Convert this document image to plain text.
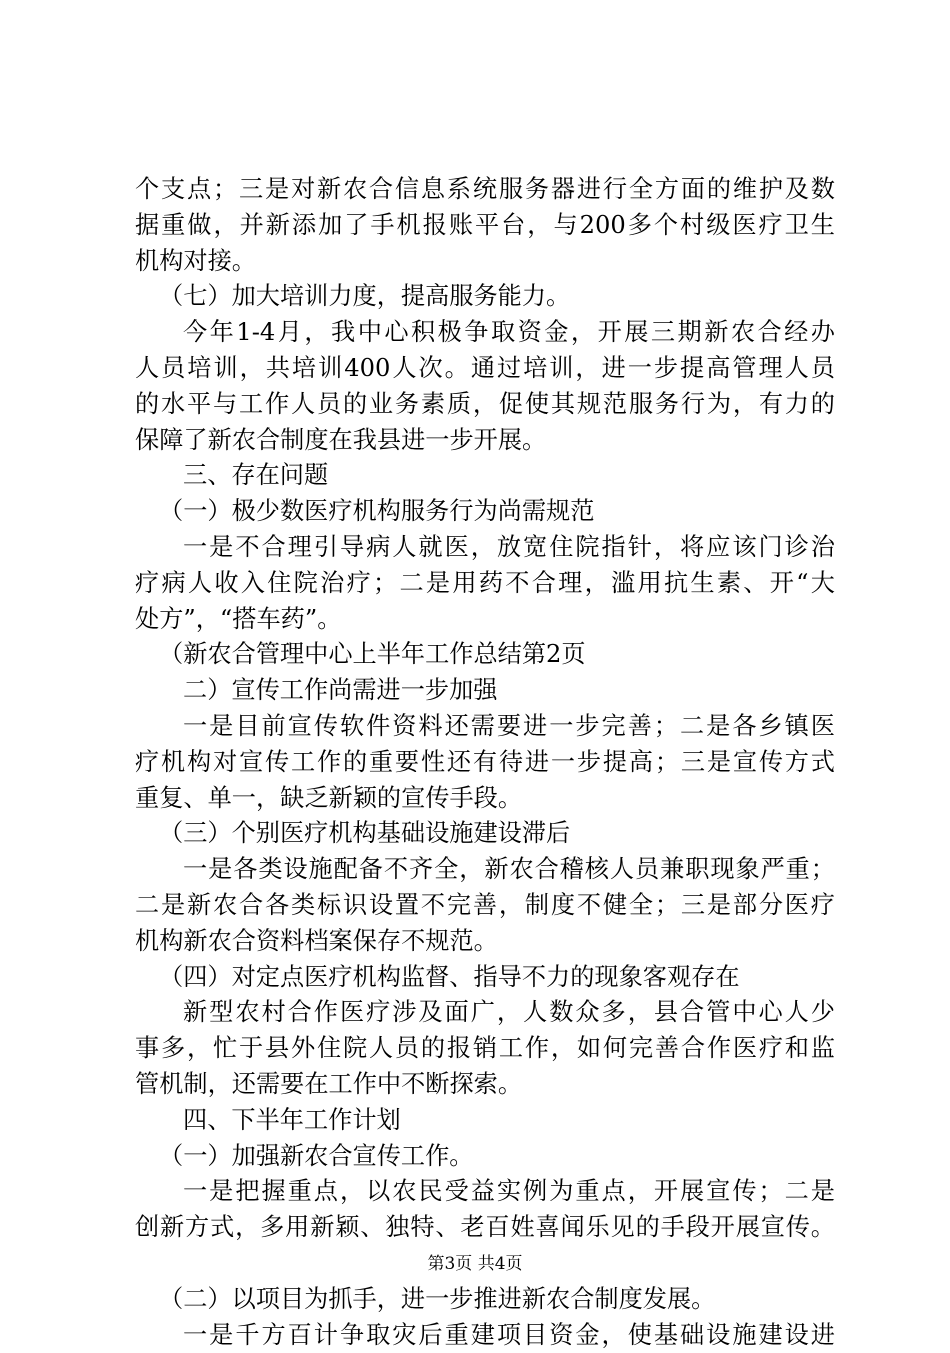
个支点；三是对新农合信息系统服务器进行全方面的维护及数
据重做，并新添加了手机报账平台，与200多个村级医疗卫生
机构对接。
（七）加大培训力度，提高服务能力。
今年1-4月，我中心积极争取资金，开展三期新农合经办
人员培训，共培训400人次。通过培训，进一步提高管理人员
的水平与工作人员的业务素质，促使其规范服务行为，有力的
保障了新农合制度在我县进一步开展。
三、存在问题
（一）极少数医疗机构服务行为尚需规范
一是不合理引导病人就医，放宽住院指针，将应该门诊治
疗病人收入住院治疗；二是用药不合理，滥用抗生素、开“大
处方”，“搭车药”。
（新农合管理中心上半年工作总结第2页
二）宣传工作尚需进一步加强
一是目前宣传软件资料还需要进一步完善；二是各乡镇医
疗机构对宣传工作的重要性还有待进一步提高；三是宣传方式
重复、单一，缺乏新颖的宣传手段。
（三）个别医疗机构基础设施建设滞后
一是各类设施配备不齐全，新农合稽核人员兼职现象严重；
二是新农合各类标识设置不完善，制度不健全；三是部分医疗
机构新农合资料档案保存不规范。
（四）对定点医疗机构监督、指导不力的现象客观存在
新型农村合作医疗涉及面广，人数众多，县合管中心人少
事多，忙于县外住院人员的报销工作，如何完善合作医疗和监
管机制，还需要在工作中不断探索。
四、下半年工作计划
（一）加强新农合宣传工作。
一是把握重点，以农民受益实例为重点，开展宣传；二是
创新方式，多用新颖、独特、老百姓喜闻乐见的手段开展宣传。
（二）以项目为抓手，进一步推进新农合制度发展。
一是千方百计争取灾后重建项目资金，使基础设施建设进
第3页 共4页
